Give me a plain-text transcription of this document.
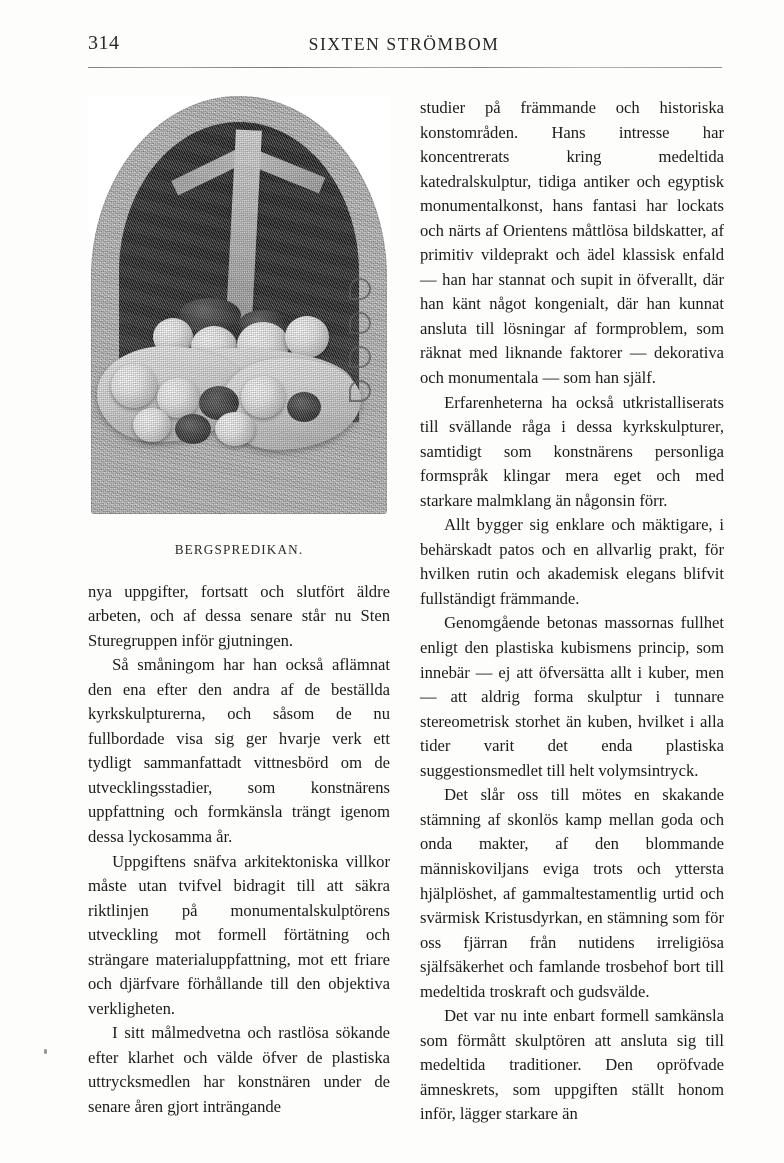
314	SIXTEN STRÖMBOM
BERGSPREDIKAN.

nya uppgifter, fortsatt och slutfört äldre arbeten, och af dessa senare står nu Sten Sturegruppen inför gjutningen.

Så småningom har han också aflämnat den ena efter den andra af de beställda kyrkskulpturerna, och såsom de nu fullbordade visa sig ger hvarje verk ett tydligt sammanfattadt vittnesbörd om de utvecklingsstadier, som konstnärens uppfattning och formkänsla trängt igenom dessa lyckosamma år.

Uppgiftens snäfva arkitektoniska villkor måste utan tvifvel bidragit till att säkra riktlinjen på monumentalskulptörens utveckling mot formell förtätning och strängare materialuppfattning, mot ett friare och djärfvare förhållande till den objektiva verkligheten.

I sitt målmedvetna och rastlösa sökande efter klarhet och välde öfver de plastiska uttrycksmedlen har konstnären under de senare åren gjort inträngande

studier på främmande och historiska konstområden. Hans intresse har koncentrerats kring medeltida katedralskulptur, tidiga antiker och egyptisk monumentalkonst, hans fantasi har lockats och närts af Orientens måttlösa bildskatter, af primitiv vildeprakt och ädel klassisk enfald –– han har stannat och supit in öfverallt, där han känt något kongenialt, där han kunnat ansluta till lösningar af formproblem, som räknat med liknande faktorer — dekorativa och monumentala — som han själf.

Erfarenheterna ha också utkristalliserats till svällande råga i dessa kyrkskulpturer, samtidigt som konstnärens personliga formspråk klingar mera eget och med starkare malmklang än någonsin förr.

Allt bygger sig enklare och mäktigare, i behärskadt patos och en allvarlig prakt, för hvilken rutin och akademisk elegans blifvit fullständigt främmande.

Genomgående betonas massornas fullhet enligt den plastiska kubismens princip, som innebär — ej att öfversätta allt i kuber, men — att aldrig forma skulptur i tunnare stereometrisk storhet än kuben, hvilket i alla tider varit det enda plastiska suggestionsmedlet till helt volymsintryck.

Det slår oss till mötes en skakande stämning af skonlös kamp mellan goda och onda makter, af den blommande människoviljans eviga trots och yttersta hjälplöshet, af gammaltestamentlig urtid och svärmisk Kristusdyrkan, en stämning som för oss fjärran från nutidens irreligiösa själfsäkerhet och famlande trosbehof bort till medeltida troskraft och gudsvälde.

Det var nu inte enbart formell samkänsla som förmått skulptören att ansluta sig till medeltida traditioner. Den opröfvade ämneskrets, som uppgiften ställt honom inför, lägger starkare än
